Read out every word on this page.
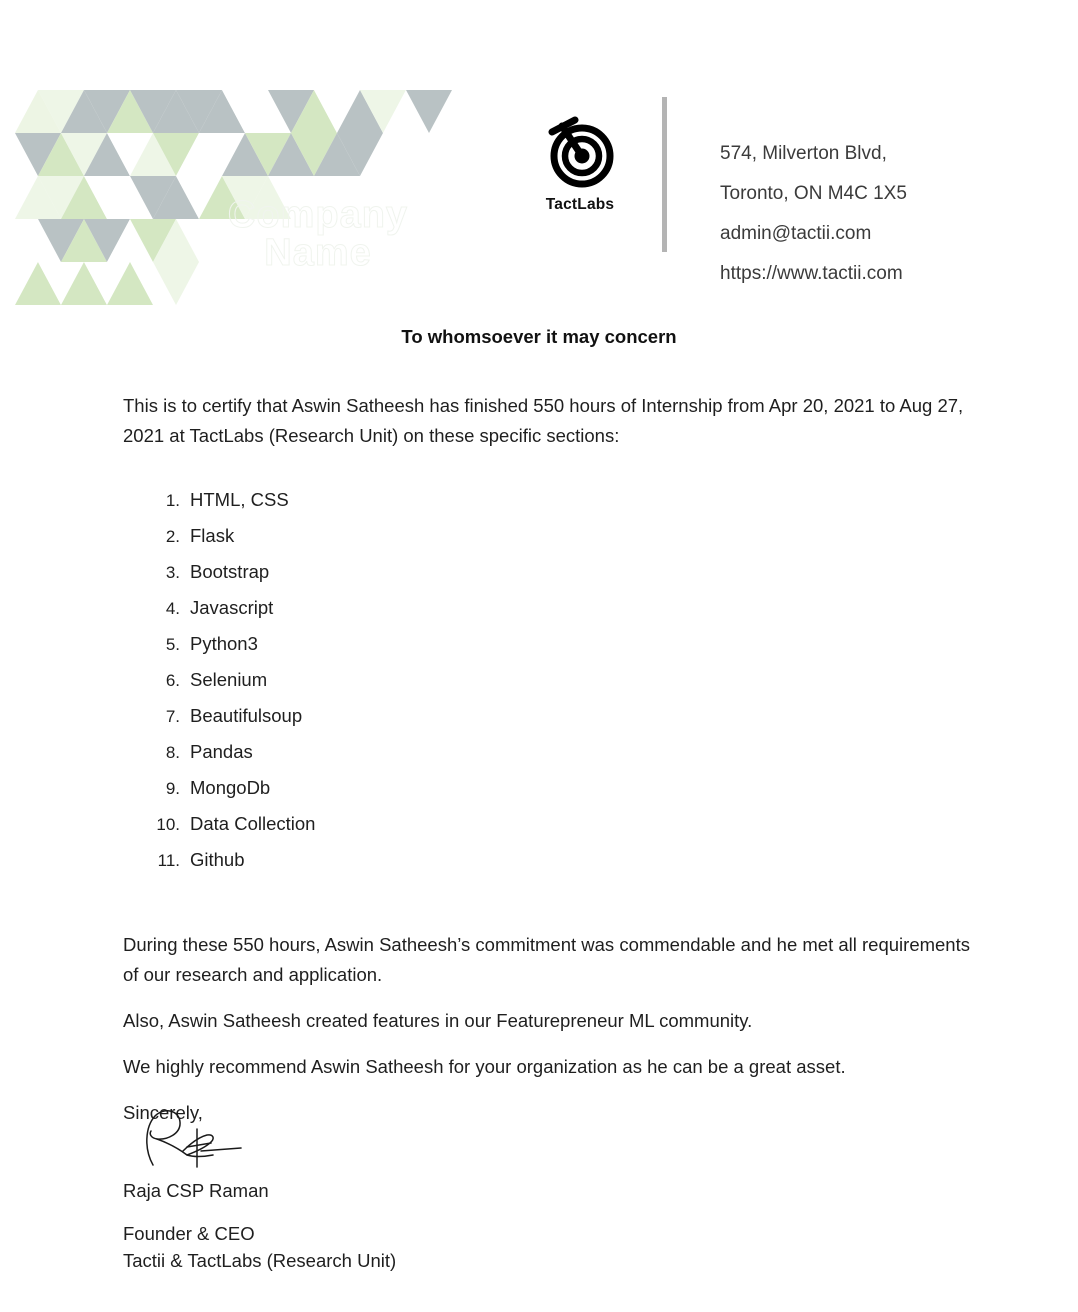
Company
Name
TactLabs
574, Milverton Blvd,
Toronto, ON M4C 1X5
admin@tactii.com
https://www.tactii.com
To whomsoever it may concern
This is to certify that Aswin Satheesh has finished 550 hours of Internship from Apr 20, 2021 to Aug 27, 2021 at TactLabs (Research Unit) on these specific sections:
1. HTML, CSS
2. Flask
3. Bootstrap
4. Javascript
5. Python3
6. Selenium
7. Beautifulsoup
8. Pandas
9. MongoDb
10. Data Collection
11. Github

During these 550 hours, Aswin Satheesh’s commitment was commendable and he met all requirements of our research and application.

Also, Aswin Satheesh created features in our Featurepreneur ML community.

We highly recommend Aswin Satheesh for your organization as he can be a great asset.

Sincerely,

Raja CSP Raman
Founder & CEO
Tactii & TactLabs (Research Unit)
